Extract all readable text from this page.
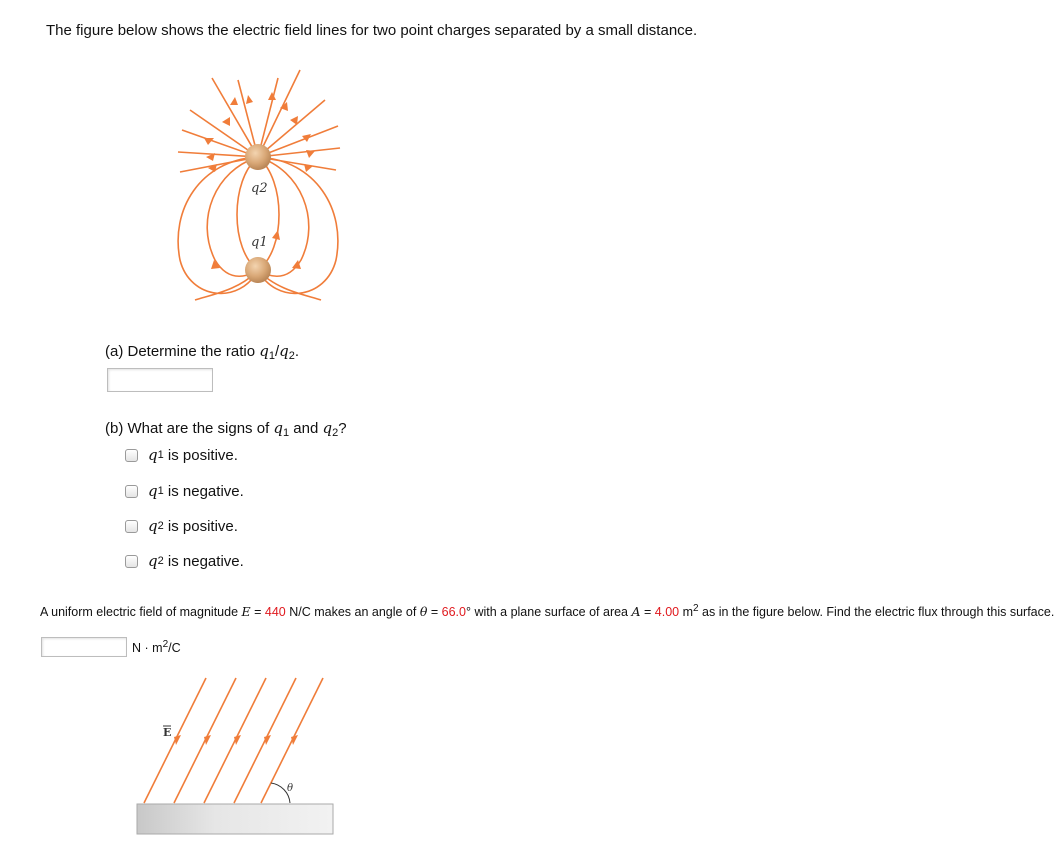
The figure below shows the electric field lines for two point charges separated by a small distance.
q2
q1
(a) Determine the ratio $q_1/q_2$.
(b) What are the signs of $q_1$ and $q_2$?
q 1 is positive.
q 1 is negative.
q 2 is positive.
q 2 is negative.
A uniform electric field of magnitude E = 440 N/C makes an angle of θ = 66.0° with a plane surface of area A = 4.00 $m^2$ as in the figure below. Find the electric flux through this surface.
$N \cdot m^2/C$
E
θ
